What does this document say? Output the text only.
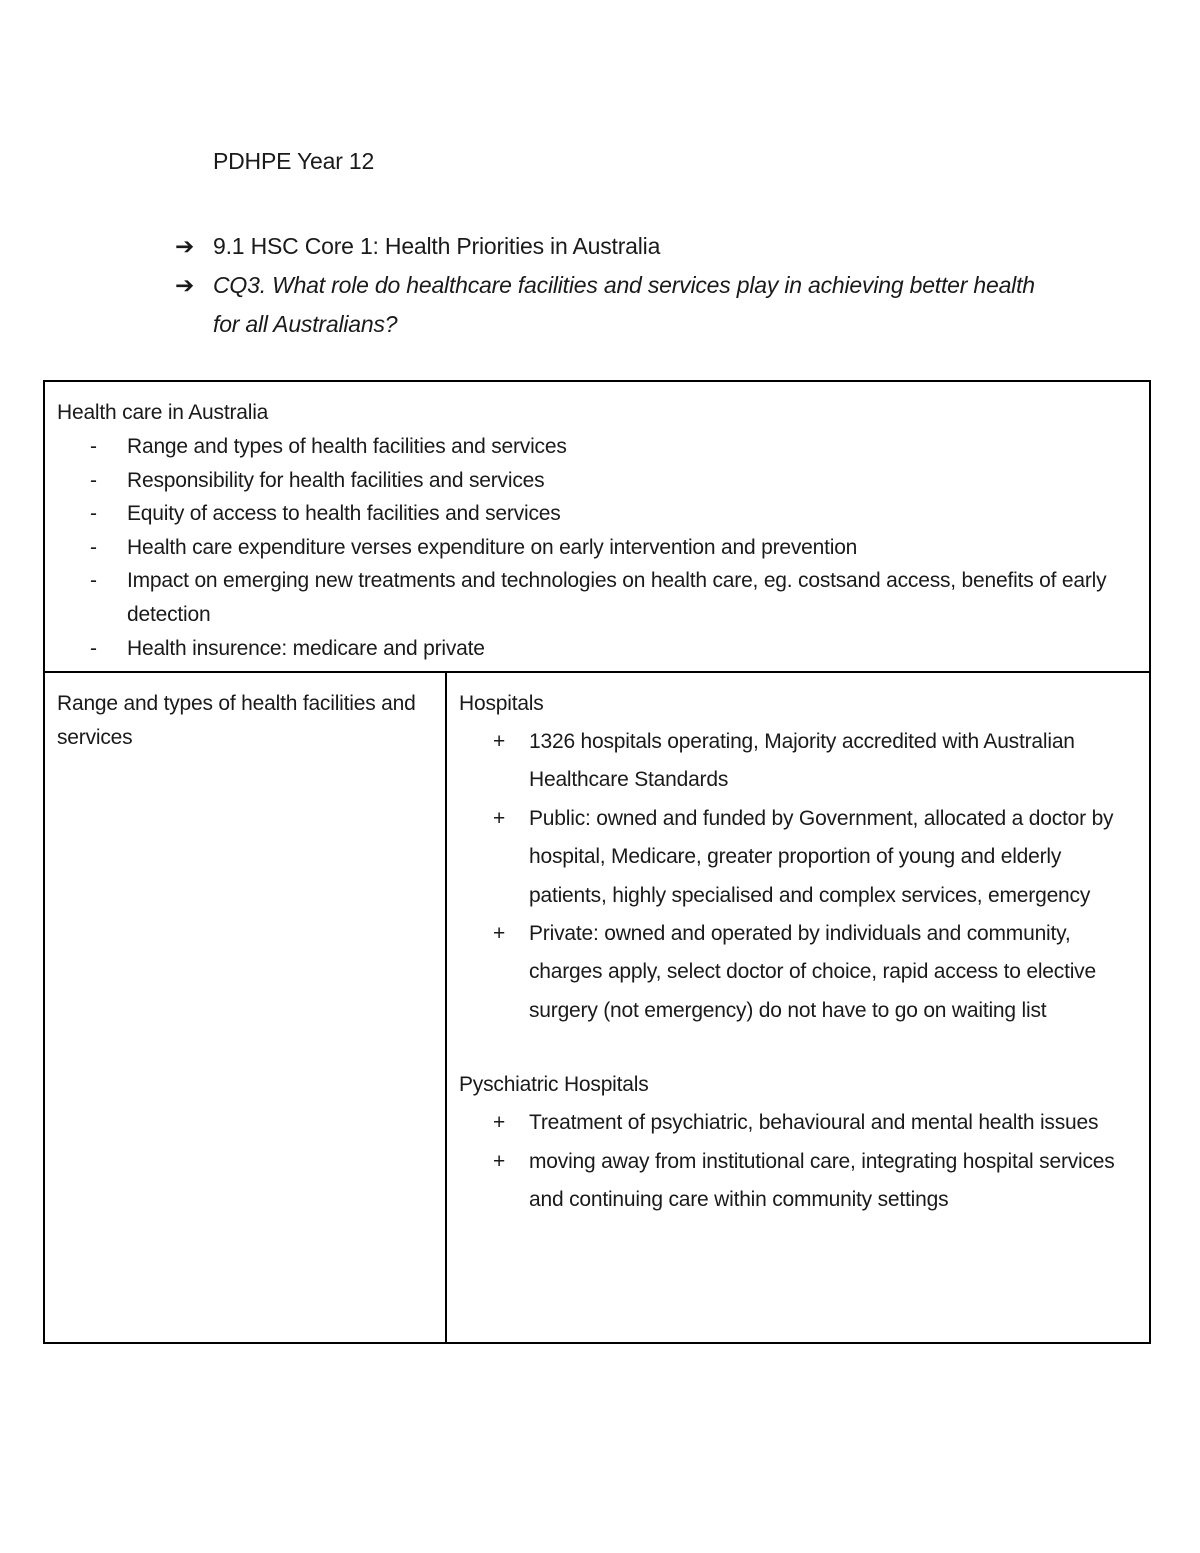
PDHPE Year 12
➔ 9.1 HSC Core 1: Health Priorities in Australia
➔ CQ3. What role do healthcare facilities and services play in achieving better health for all Australians?
Health care in Australia
- Range and types of health facilities and services
- Responsibility for health facilities and services
- Equity of access to health facilities and services
- Health care expenditure verses expenditure on early intervention and prevention
- Impact on emerging new treatments and technologies on health care, eg. costsand access, benefits of early detection
- Health insurence: medicare and private
Range and types of health facilities and services
Hospitals
+ 1326 hospitals operating, Majority accredited with Australian Healthcare Standards
+ Public: owned and funded by Government, allocated a doctor by hospital, Medicare, greater proportion of young and elderly patients, highly specialised and complex services, emergency
+ Private: owned and operated by individuals and community, charges apply, select doctor of choice, rapid access to elective surgery (not emergency) do not have to go on waiting list
Pyschiatric Hospitals
+ Treatment of psychiatric, behavioural and mental health issues
+ moving away from institutional care, integrating hospital services and continuing care within community settings
